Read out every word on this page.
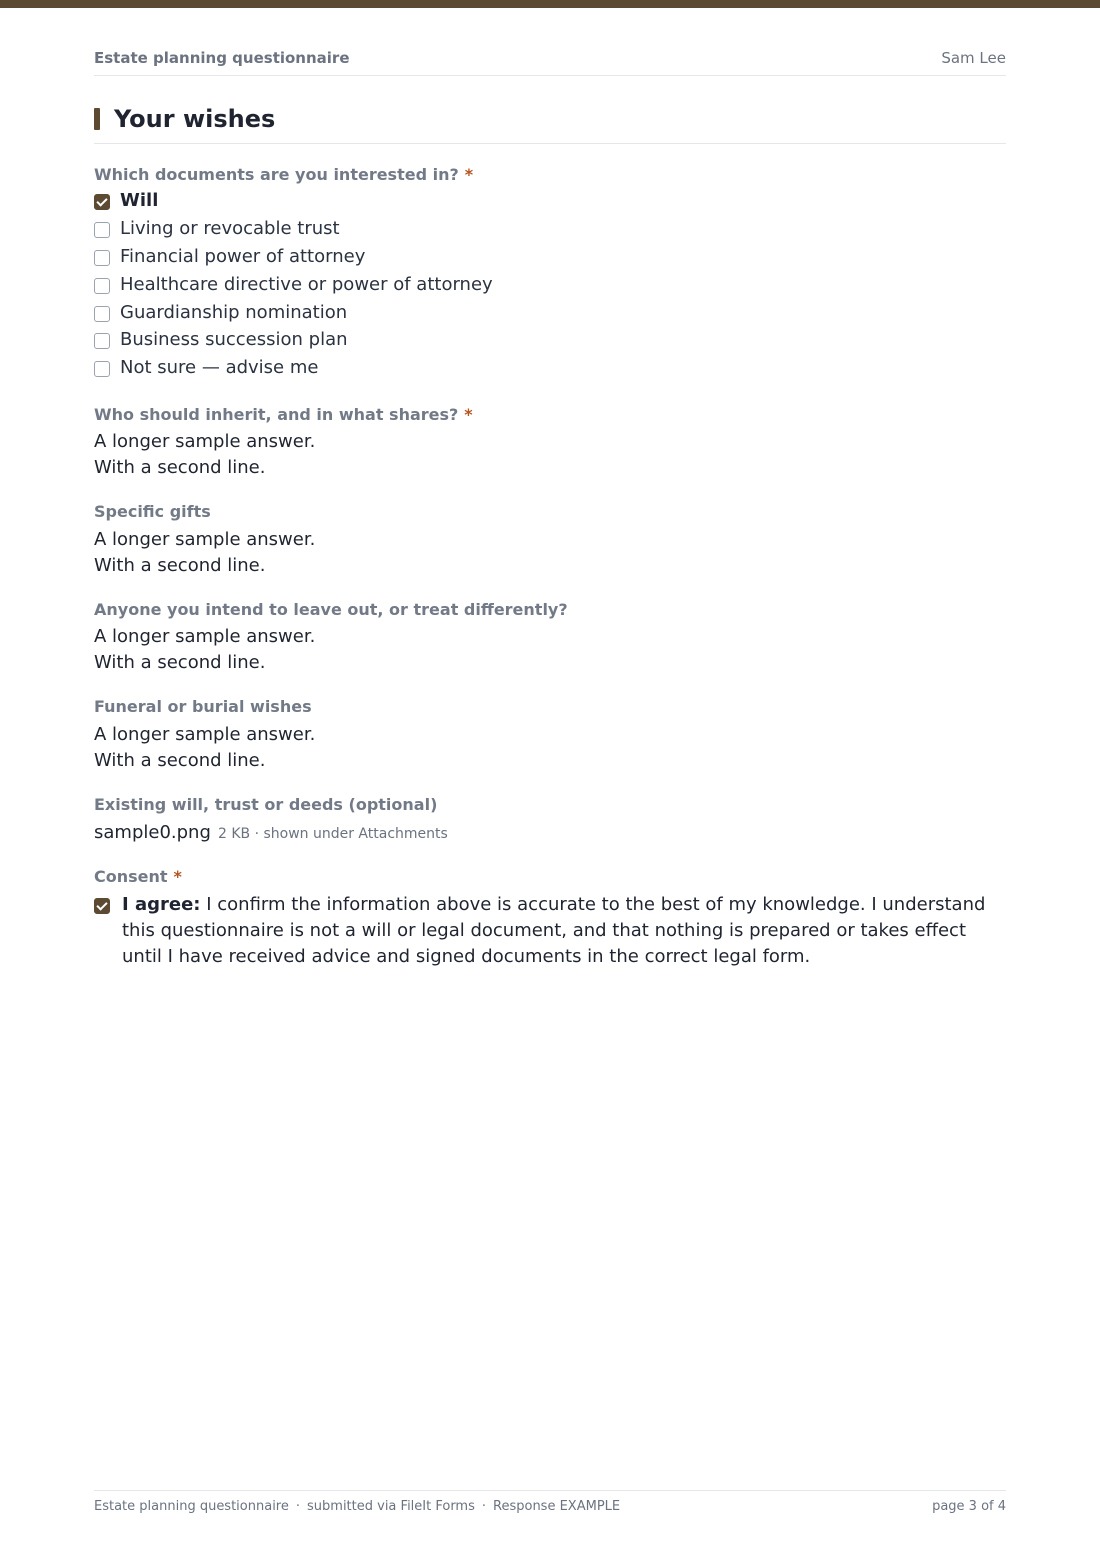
Estate planning questionnaire	Sam Lee
Your wishes
Which documents are you interested in? *
Will
Living or revocable trust
Financial power of attorney
Healthcare directive or power of attorney
Guardianship nomination
Business succession plan
Not sure — advise me
Who should inherit, and in what shares? *
A longer sample answer.
With a second line.
Specific gifts
A longer sample answer.
With a second line.
Anyone you intend to leave out, or treat differently?
A longer sample answer.
With a second line.
Funeral or burial wishes
A longer sample answer.
With a second line.
Existing will, trust or deeds (optional)
sample0.png 2 KB · shown under Attachments
Consent *
I agree: I confirm the information above is accurate to the best of my knowledge. I understand this questionnaire is not a will or legal document, and that nothing is prepared or takes effect until I have received advice and signed documents in the correct legal form.
Estate planning questionnaire · submitted via FileIt Forms · Response EXAMPLE	page 3 of 4
